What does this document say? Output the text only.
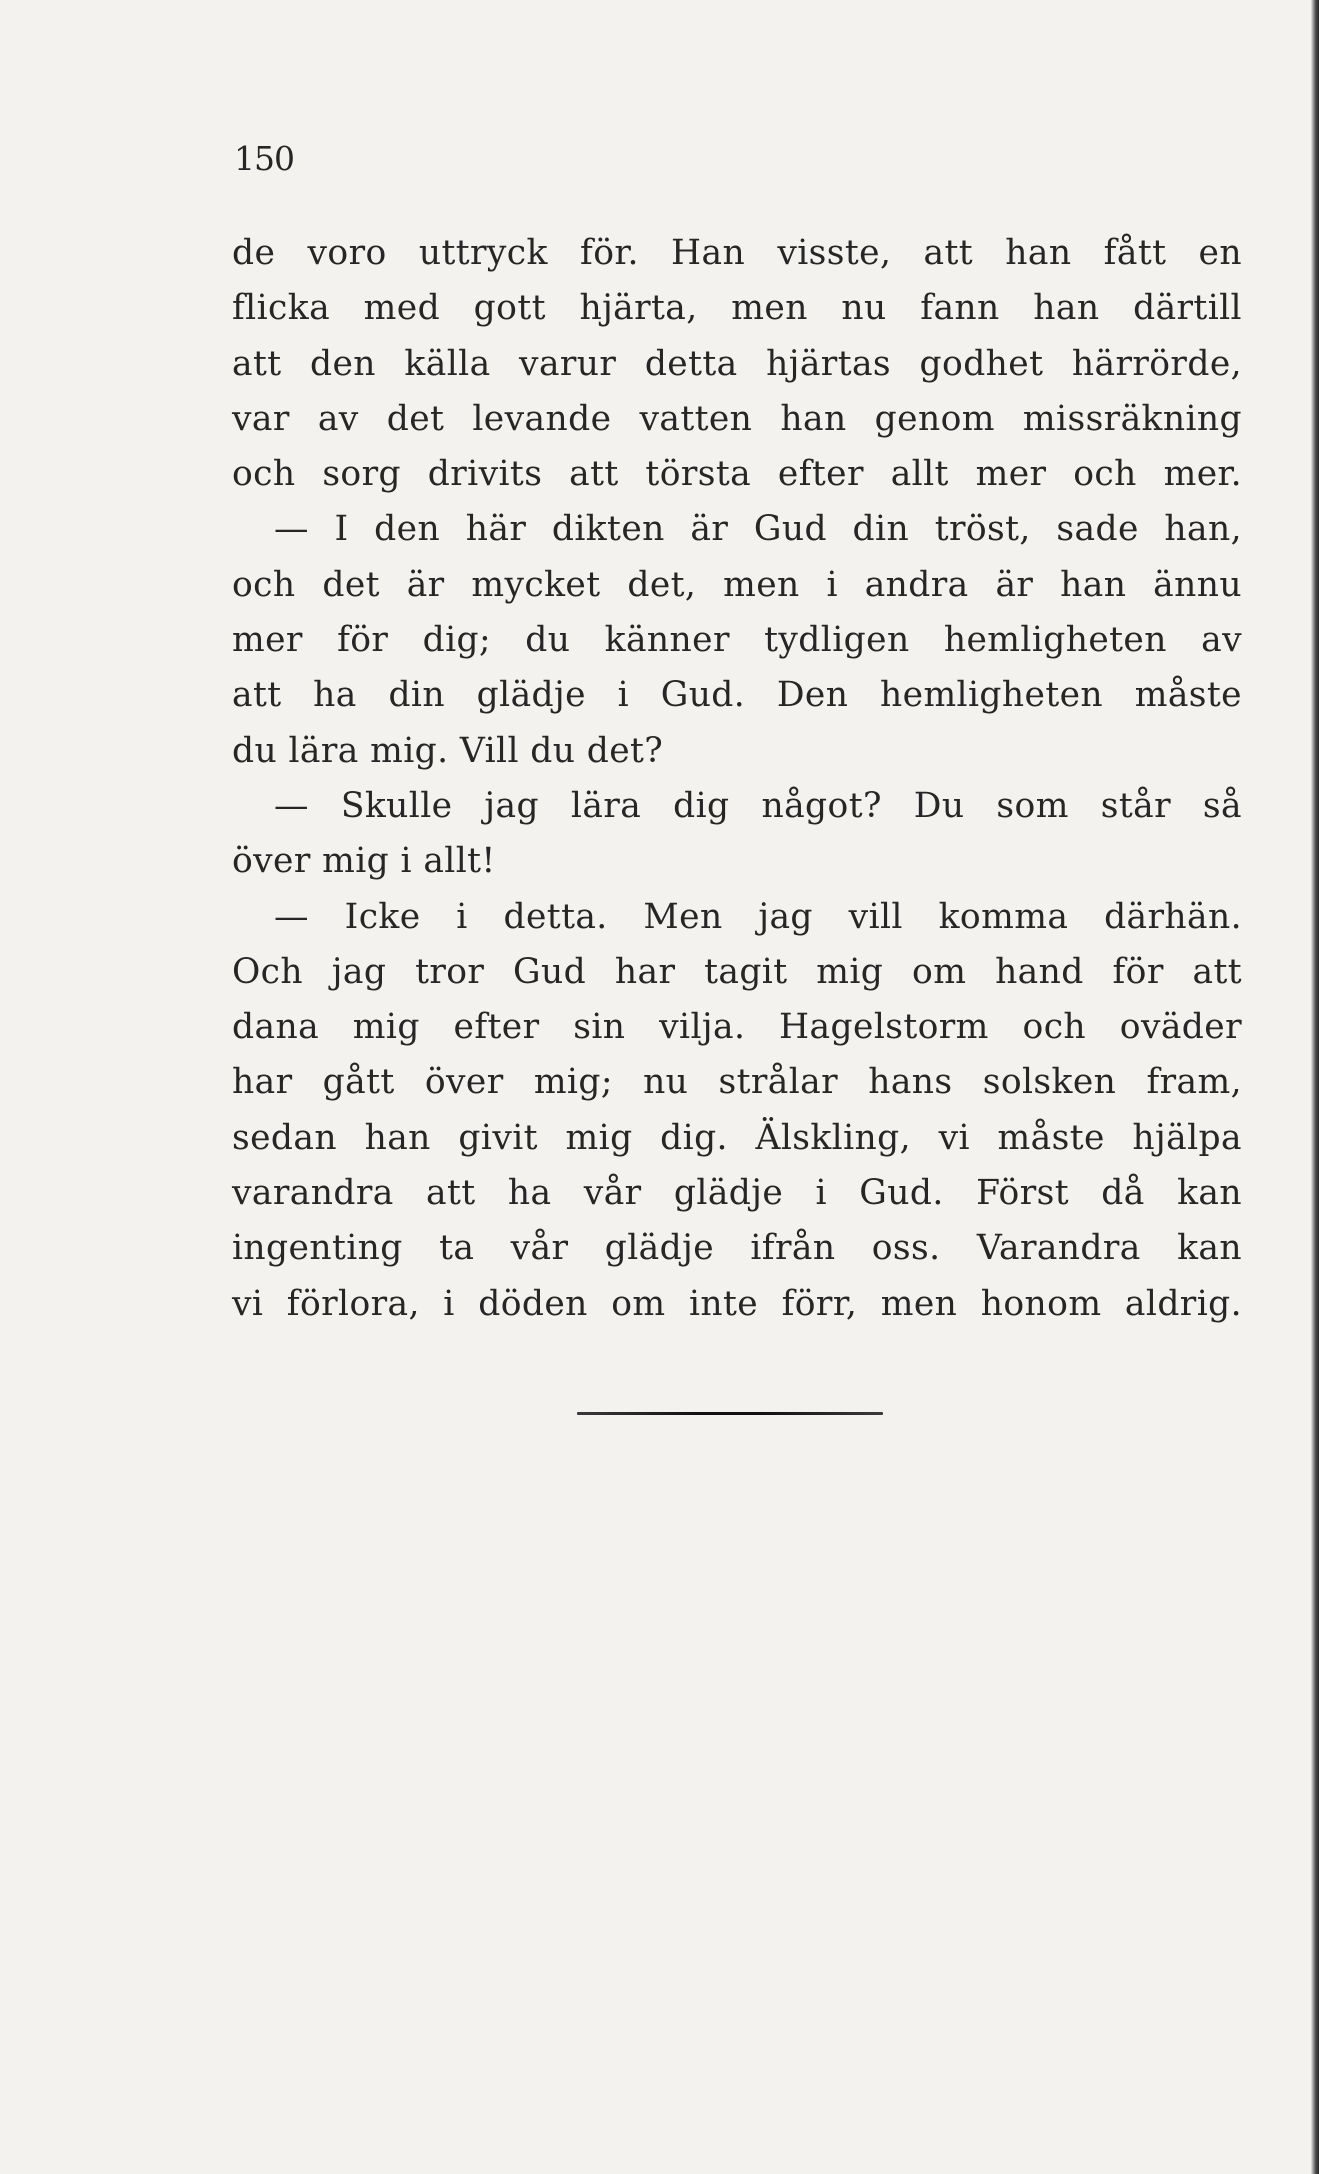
150
de voro uttryck för. Han visste, att han fått en
flicka med gott hjärta, men nu fann han därtill
att den källa varur detta hjärtas godhet härrörde,
var av det levande vatten han genom missräkning
och sorg drivits att törsta efter allt mer och mer.
— I den här dikten är Gud din tröst, sade han,
och det är mycket det, men i andra är han ännu
mer för dig; du känner tydligen hemligheten av
att ha din glädje i Gud. Den hemligheten måste
du lära mig. Vill du det?
— Skulle jag lära dig något? Du som står så
över mig i allt!
— Icke i detta. Men jag vill komma därhän.
Och jag tror Gud har tagit mig om hand för att
dana mig efter sin vilja. Hagelstorm och oväder
har gått över mig; nu strålar hans solsken fram,
sedan han givit mig dig. Älskling, vi måste hjälpa
varandra att ha vår glädje i Gud. Först då kan
ingenting ta vår glädje ifrån oss. Varandra kan
vi förlora, i döden om inte förr, men honom aldrig.
